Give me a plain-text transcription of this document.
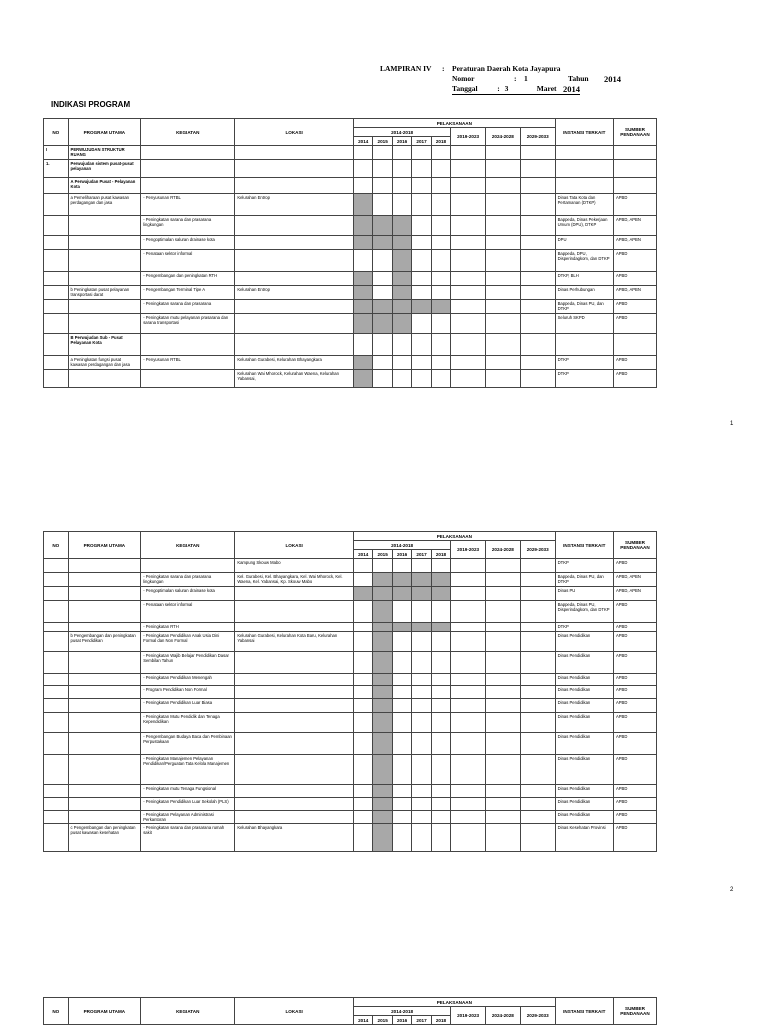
LAMPIRAN IV	:	Peraturan Daerah Kota Jayapura
Nomor	:	1	Tahun	2014
Tanggal	: 3	Maret 2014
INDIKASI PROGRAM
NO	PROGRAM UTAMA	KEGIATAN	LOKASI	PELAKSANAAN								INSTANSI TERKAIT	SUMBER PENDANAAN
				2014-2018					2019-2023	2024-2028	2029-2033		
				2014	2015	2016	2017	2018					
I	PERWUJUDAN STRUKTUR RUANG												
1.	Perwujudan sistem pusat-pusat pelayanan												
	A Perwujudan Pusat - Pelayanan Kota												
	a Pemeliharaan pusat kawasan perdagangan dan jasa	- Penyusunan RTBL	Kelurahan Entrop									Dinas Tata Kota dan Pertamanan (DTKP)	APBD
		- Peningkatan sarana dan prasarana lingkungan										Bappeda, Dinas Pekerjaan Umum (DPU), DTKP	APBD, APBN
		- Pengoptimalan saluran drainase kota										DPU	APBD, APBN
		- Penataan sektor informal										Bappeda, DPU, Disperindagkom, dan DTKP	APBD
		- Pengembangan dan peningkatan RTH										DTKP, BLH	APBD
	b Peningkatan pusat pelayanan transportasi darat	- Pengembangan Terminal Tipe A	Kelurahan Entrop									Dinas Perhubungan	APBD, APBN
		- Peningkatan sarana dan prasarana										Bappeda, Dinas PU, dan DTKP	APBD
		- Peningkatan mutu pelayanan prasarana dan sarana transportasi										Seluruh SKPD	APBD
	B Perwujudan Sub - Pusat Pelayanan Kota												
	a Peningkatan fungsi pusat kawasan perdagangan dan jasa	- Penyusunan RTBL	Kelurahan Gurabesi, Kelurahan Bhayangkara									DTKP	APBD
			Kelurahan Wai Mhorock, Kelurahan Waena, Kelurahan Yabansai,									DTKP	APBD
1
NO	PROGRAM UTAMA	KEGIATAN	LOKASI	PELAKSANAAN								INSTANSI TERKAIT	SUMBER PENDANAAN
				2014-2018					2019-2023	2024-2028	2029-2033		
				2014	2015	2016	2017	2018					
			Kampung Skouw Mabo									DTKP	APBD
		- Peningkatan sarana dan prasarana lingkungan	Kel. Gurabesi, Kel. Bhayangkara, Kel. Wai Mhorock, Kel. Waena, Kel. Yabansai, Kp. Skouw Mabo									Bappeda, Dinas PU, dan DTKP	APBD, APBN
		- Pengoptimalan saluran drainase kota										Dinas PU	APBD, APBN
		- Penataan sektor informal										Bappeda, Dinas PU, Disperindagkom, dan DTKP	APBD
		- Peningkatan RTH										DTKP	APBD
	b Pengembangan dan peningkatan pusat Pendidikan	- Peningkatan Pendidikan Anak Usia Dini Formal dan Non Formal	Kelurahan Gurabesi, Kelurahan Kota Baru, Kelurahan Yabansai									Dinas Pendidikan	APBD
		- Peningkatan Wajib Belajar Pendidikan Dasar Sembilan Tahun										Dinas Pendidikan	APBD
		- Peningkatan Pendidikan Menengah										Dinas Pendidikan	APBD
		- Program Pendidikan Non Formal										Dinas Pendidikan	APBD
		- Peningkatan Pendidikan Luar Biasa										Dinas Pendidikan	APBD
		- Peningkatan Mutu Pendidik dan Tenaga Kependidikan										Dinas Pendidikan	APBD
		- Pengembangan Budaya Baca dan Pembinaan Perpustakaan										Dinas Pendidikan	APBD
		- Peningkatan Manajemen Pelayanan Pendidikan/Perguatan Tata Kelola Manajemen										Dinas Pendidikan	APBD
		- Peningkatan mutu Tenaga Fungsional										Dinas Pendidikan	APBD
		- Peningkatan Pendidikan Luar Sekolah (PLS)										Dinas Pendidikan	APBD
		- Peningkatan Pelayanan Administrasi Perkantoran										Dinas Pendidikan	APBD
	c Pengembangan dan peningkatan pusat kawasan kesehatan	- Peningkatan sarana dan prasarana rumah sakit	Kelurahan Bhayangkara									Dinas Kesehatan Provinsi	APBD
2
NO	PROGRAM UTAMA	KEGIATAN	LOKASI	PELAKSANAAN								INSTANSI TERKAIT	SUMBER PENDANAAN
				2014-2018					2019-2023	2024-2028	2029-2033		
				2014	2015	2016	2017	2018					
